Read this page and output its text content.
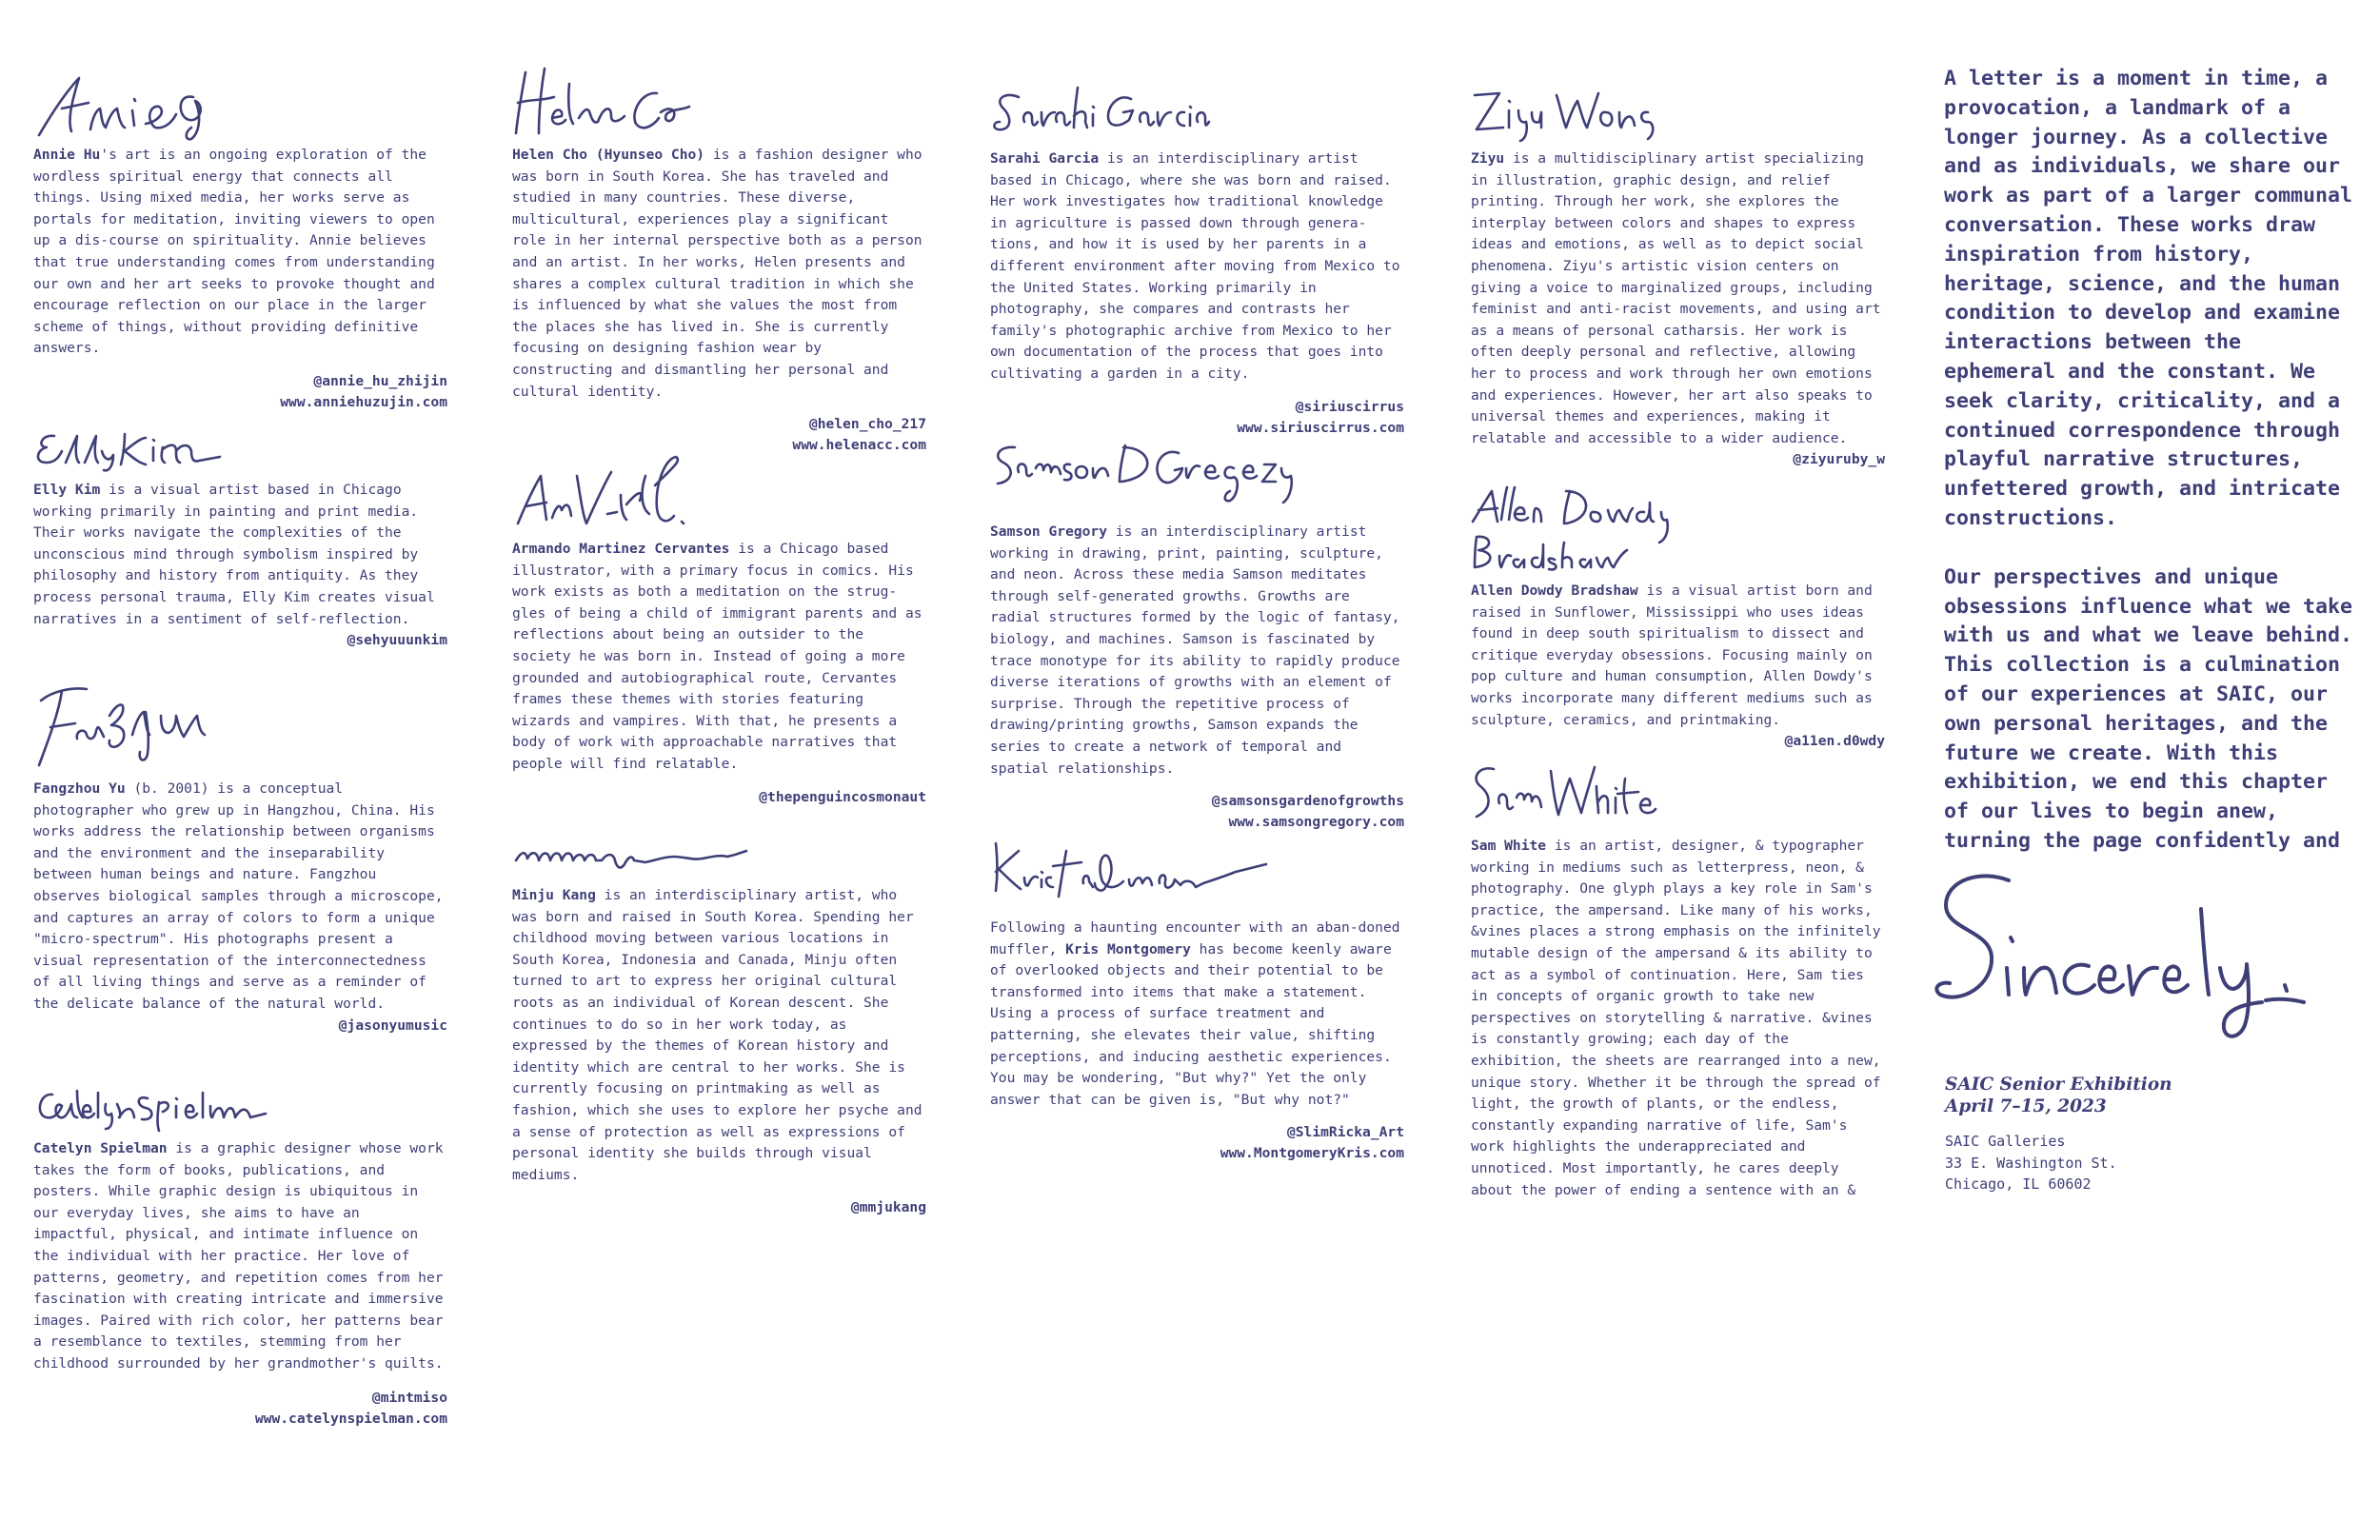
Annie Hu's art is an ongoing exploration of the wordless spiritual energy that connects all things. Using mixed media, her works serve as portals for meditation, inviting viewers to open up a dis-course on spirituality. Annie believes that true understanding comes from understanding our own and her art seeks to provoke thought and encourage reflection on our place in the larger scheme of things, without providing definitive answers.

@annie_hu_zhijin
www.anniehuzujin.com

Elly Kim is a visual artist based in Chicago working primarily in painting and print media. Their works navigate the complexities of the unconscious mind through symbolism inspired by philosophy and history from antiquity. As they process personal trauma, Elly Kim creates visual narratives in a sentiment of self-reflection.

@sehyuuunkim

Fangzhou Yu (b. 2001) is a conceptual photographer who grew up in Hangzhou, China. His works address the relationship between organisms and the environment and the inseparability between human beings and nature. Fangzhou observes biological samples through a microscope, and captures an array of colors to form a unique "micro-spectrum". His photographs present a visual representation of the interconnectedness of all living things and serve as a reminder of the delicate balance of the natural world.

@jasonyumusic

Catelyn Spielman is a graphic designer whose work takes the form of books, publications, and posters. While graphic design is ubiquitous in our everyday lives, she aims to have an impactful, physical, and intimate influence on the individual with her practice. Her love of patterns, geometry, and repetition comes from her fascination with creating intricate and immersive images. Paired with rich color, her patterns bear a resemblance to textiles, stemming from her childhood surrounded by her grandmother's quilts.

@mintmiso
www.catelynspielman.com

Helen Cho (Hyunseo Cho) is a fashion designer who was born in South Korea. She has traveled and studied in many countries. These diverse, multicultural, experiences play a significant role in her internal perspective both as a person and an artist. In her works, Helen presents and shares a complex cultural tradition in which she is influenced by what she values the most from the places she has lived in. She is currently focusing on designing fashion wear by constructing and dismantling her personal and cultural identity.

@helen_cho_217
www.helenacc.com

Armando Martinez Cervantes is a Chicago based illustrator, with a primary focus in comics. His work exists as both a meditation on the strug-gles of being a child of immigrant parents and as reflections about being an outsider to the society he was born in. Instead of going a more grounded and autobiographical route, Cervantes frames these themes with stories featuring wizards and vampires. With that, he presents a body of work with approachable narratives that people will find relatable.

@thepenguincosmonaut

Minju Kang is an interdisciplinary artist, who was born and raised in South Korea. Spending her childhood moving between various locations in South Korea, Indonesia and Canada, Minju often turned to art to express her original cultural roots as an individual of Korean descent. She continues to do so in her work today, as expressed by the themes of Korean history and identity which are central to her works. She is currently focusing on printmaking as well as fashion, which she uses to explore her psyche and a sense of protection as well as expressions of personal identity she builds through visual mediums.

@mmjukang

Sarahi Garcia is an interdisciplinary artist based in Chicago, where she was born and raised. Her work investigates how traditional knowledge in agriculture is passed down through genera-tions, and how it is used by her parents in a different environment after moving from Mexico to the United States. Working primarily in photography, she compares and contrasts her family's photographic archive from Mexico to her own documentation of the process that goes into cultivating a garden in a city.

@siriuscirrus
www.siriuscirrus.com

Samson Gregory is an interdisciplinary artist working in drawing, print, painting, sculpture, and neon. Across these media Samson meditates through self-generated growths. Growths are radial structures formed by the logic of fantasy, biology, and machines. Samson is fascinated by trace monotype for its ability to rapidly produce diverse iterations of growths with an element of surprise. Through the repetitive process of drawing/printing growths, Samson expands the series to create a network of temporal and spatial relationships.

@samsonsgardenofgrowths
www.samsongregory.com

Following a haunting encounter with an aban-doned muffler, Kris Montgomery has become keenly aware of overlooked objects and their potential to be transformed into items that make a statement. Using a process of surface treatment and patterning, she elevates their value, shifting perceptions, and inducing aesthetic experiences. You may be wondering, "But why?" Yet the only answer that can be given is, "But why not?"

@SlimRicka_Art
www.MontgomeryKris.com

Ziyu is a multidisciplinary artist specializing in illustration, graphic design, and relief printing. Through her work, she explores the interplay between colors and shapes to express ideas and emotions, as well as to depict social phenomena. Ziyu's artistic vision centers on giving a voice to marginalized groups, including feminist and anti-racist movements, and using art as a means of personal catharsis. Her work is often deeply personal and reflective, allowing her to process and work through her own emotions and experiences. However, her art also speaks to universal themes and experiences, making it relatable and accessible to a wider audience.

@ziyuruby_w

Allen Dowdy Bradshaw is a visual artist born and raised in Sunflower, Mississippi who uses ideas found in deep south spiritualism to dissect and critique everyday obsessions. Focusing mainly on pop culture and human consumption, Allen Dowdy's works incorporate many different mediums such as sculpture, ceramics, and printmaking.

@a11en.d0wdy

Sam White is an artist, designer, & typographer working in mediums such as letterpress, neon, & photography. One glyph plays a key role in Sam's practice, the ampersand. Like many of his works, &vines places a strong emphasis on the infinitely mutable design of the ampersand & its ability to act as a symbol of continuation. Here, Sam ties in concepts of organic growth to take new perspectives on storytelling & narrative. &vines is constantly growing; each day of the exhibition, the sheets are rearranged into a new, unique story. Whether it be through the spread of light, the growth of plants, or the endless, constantly expanding narrative of life, Sam's work highlights the underappreciated and unnoticed. Most importantly, he cares deeply about the power of ending a sentence with an &

A letter is a moment in time, a provocation, a landmark of a longer journey. As a collective and as individuals, we share our work as part of a larger communal conversation. These works draw inspiration from history, heritage, science, and the human condition to develop and examine interactions between the ephemeral and the constant. We seek clarity, criticality, and a continued correspondence through playful narrative structures, unfettered growth, and intricate constructions.

Our perspectives and unique obsessions influence what we take with us and what we leave behind. This collection is a culmination of our experiences at SAIC, our own personal heritages, and the future we create. With this exhibition, we end this chapter of our lives to begin anew, turning the page confidently and

SAIC Senior Exhibition
April 7–15, 2023
SAIC Galleries
33 E. Washington St.
Chicago, IL 60602
